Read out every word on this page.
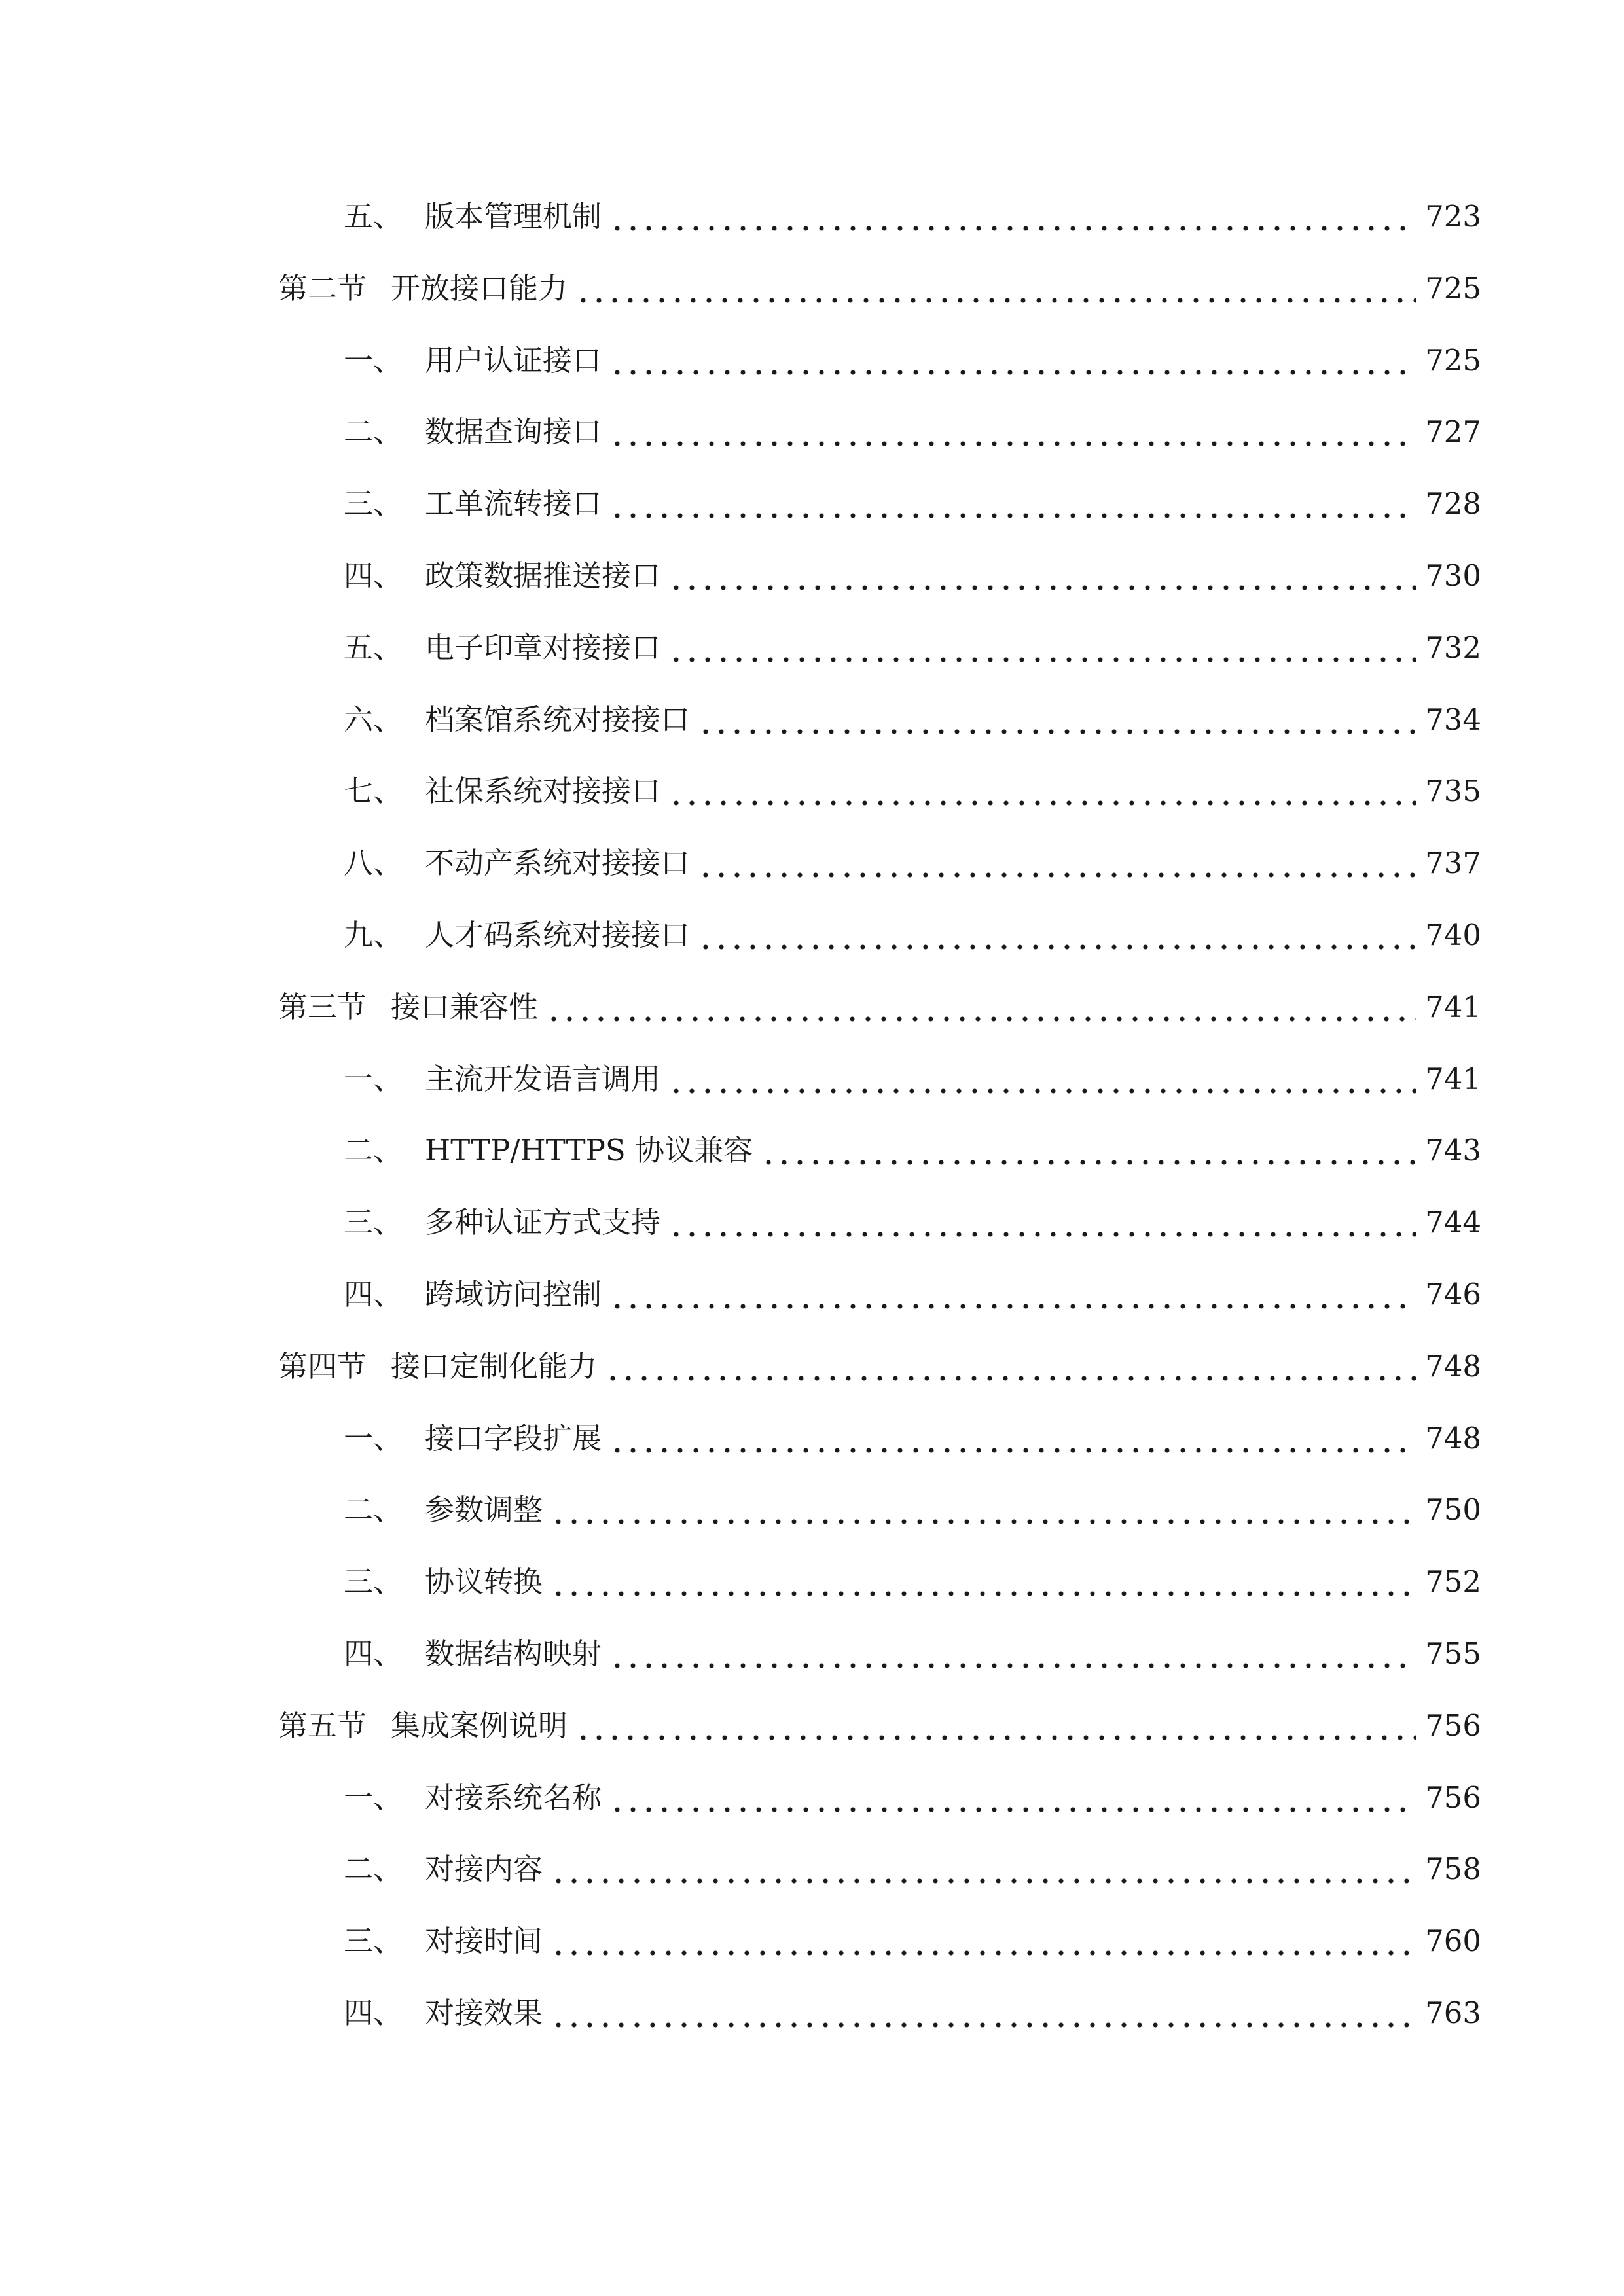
五、 版本管理机制	723
第二节 开放接口能力	725
一、 用户认证接口	725
二、 数据查询接口	727
三、 工单流转接口	728
四、 政策数据推送接口	730
五、 电子印章对接接口	732
六、 档案馆系统对接接口	734
七、 社保系统对接接口	735
八、 不动产系统对接接口	737
九、 人才码系统对接接口	740
第三节 接口兼容性	741
一、 主流开发语言调用	741
二、 HTTP/HTTPS 协议兼容	743
三、 多种认证方式支持	744
四、 跨域访问控制	746
第四节 接口定制化能力	748
一、 接口字段扩展	748
二、 参数调整	750
三、 协议转换	752
四、 数据结构映射	755
第五节 集成案例说明	756
一、 对接系统名称	756
二、 对接内容	758
三、 对接时间	760
四、 对接效果	763
